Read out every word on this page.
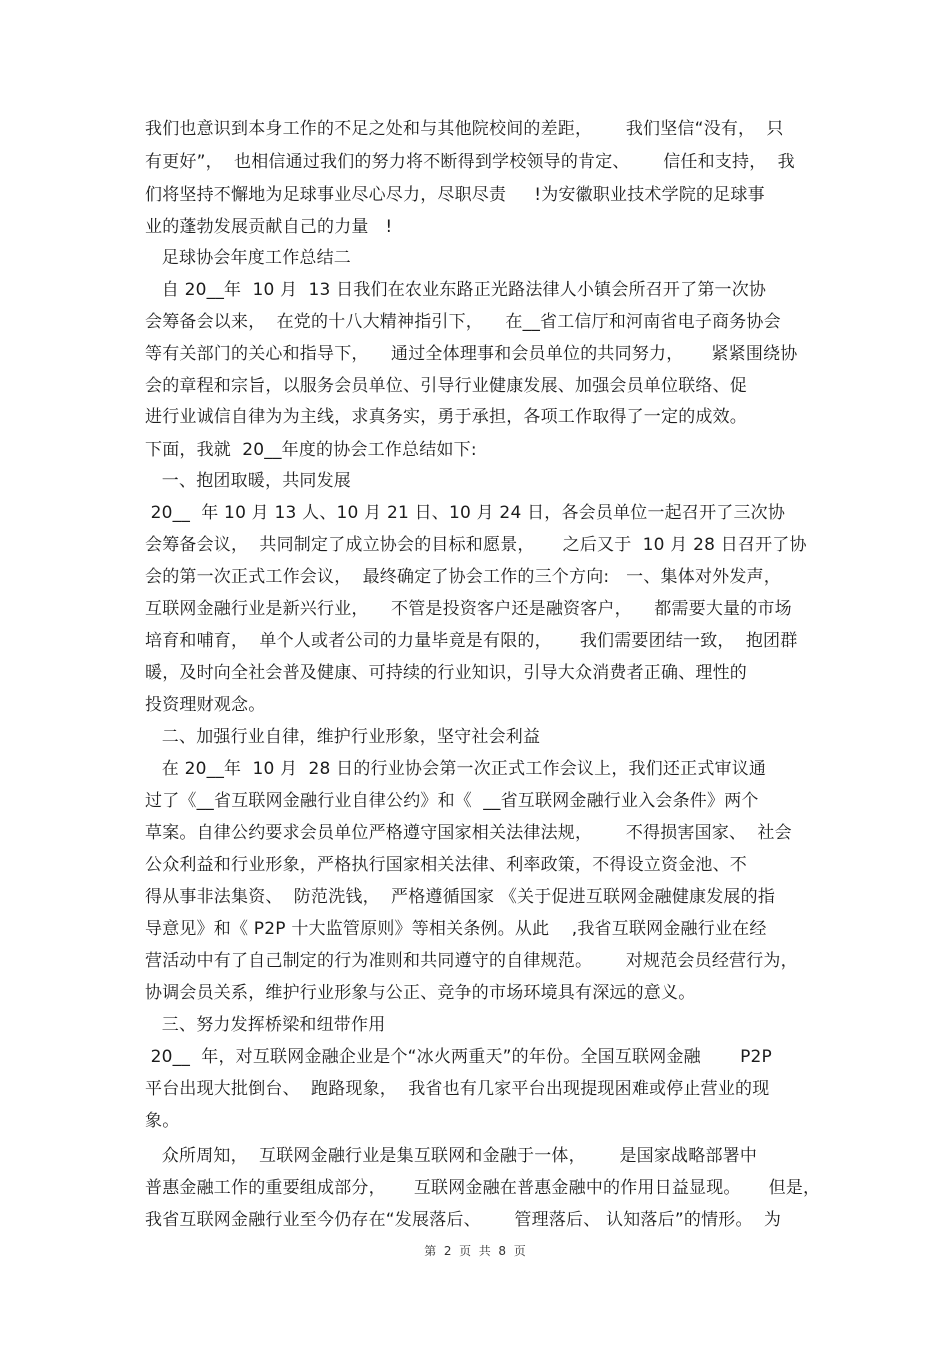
我们也意识到本身工作的不足之处和与其他院校间的差距，      我们坚信“没有，  只
有更好”，  也相信通过我们的努力将不断得到学校领导的肯定、      信任和支持，  我
们将坚持不懈地为足球事业尽心尽力，尽职尽责     !为安徽职业技术学院的足球事
业的蓬勃发展贡献自己的力量   !
足球协会年度工作总结二
自 20__年  10 月  13 日我们在农业东路正光路法律人小镇会所召开了第一次协
会筹备会以来，  在党的十八大精神指引下，    在__省工信厅和河南省电子商务协会
等有关部门的关心和指导下，    通过全体理事和会员单位的共同努力，     紧紧围绕协
会的章程和宗旨，以服务会员单位、引导行业健康发展、加强会员单位联络、促
进行业诚信自律为为主线，求真务实，勇于承担，各项工作取得了一定的成效。
下面，我就  20__年度的协会工作总结如下:
一、抱团取暖，共同发展
20__  年 10 月 13 人、10 月 21 日、10 月 24 日，各会员单位一起召开了三次协
会筹备会议，  共同制定了成立协会的目标和愿景，     之后又于  10 月 28 日召开了协
会的第一次正式工作会议，  最终确定了协会工作的三个方向:   一、集体对外发声，
互联网金融行业是新兴行业，    不管是投资客户还是融资客户，    都需要大量的市场
培育和哺育，  单个人或者公司的力量毕竟是有限的，     我们需要团结一致，  抱团群
暖，及时向全社会普及健康、可持续的行业知识，引导大众消费者正确、理性的
投资理财观念。
二、加强行业自律，维护行业形象，坚守社会利益
在 20__年  10 月  28 日的行业协会第一次正式工作会议上，我们还正式审议通
过了《__省互联网金融行业自律公约》和《  __省互联网金融行业入会条件》两个
草案。自律公约要求会员单位严格遵守国家相关法律法规，      不得损害国家、  社会
公众利益和行业形象，严格执行国家相关法律、利率政策，不得设立资金池、不
得从事非法集资、  防范洗钱，  严格遵循国家 《关于促进互联网金融健康发展的指
导意见》和《 P2P 十大监管原则》等相关条例。从此    ,我省互联网金融行业在经
营活动中有了自己制定的行为准则和共同遵守的自律规范。      对规范会员经营行为，
协调会员关系，维护行业形象与公正、竞争的市场环境具有深远的意义。
三、努力发挥桥梁和纽带作用
20__  年，对互联网金融企业是个“冰火两重天”的年份。全国互联网金融       P2P
平台出现大批倒台、  跑路现象，  我省也有几家平台出现提现困难或停止营业的现
象。
众所周知，  互联网金融行业是集互联网和金融于一体，      是国家战略部署中
普惠金融工作的重要组成部分，     互联网金融在普惠金融中的作用日益显现。     但是，
我省互联网金融行业至今仍存在“发展落后、      管理落后、 认知落后”的情形。  为
第  2  页  共  8  页
